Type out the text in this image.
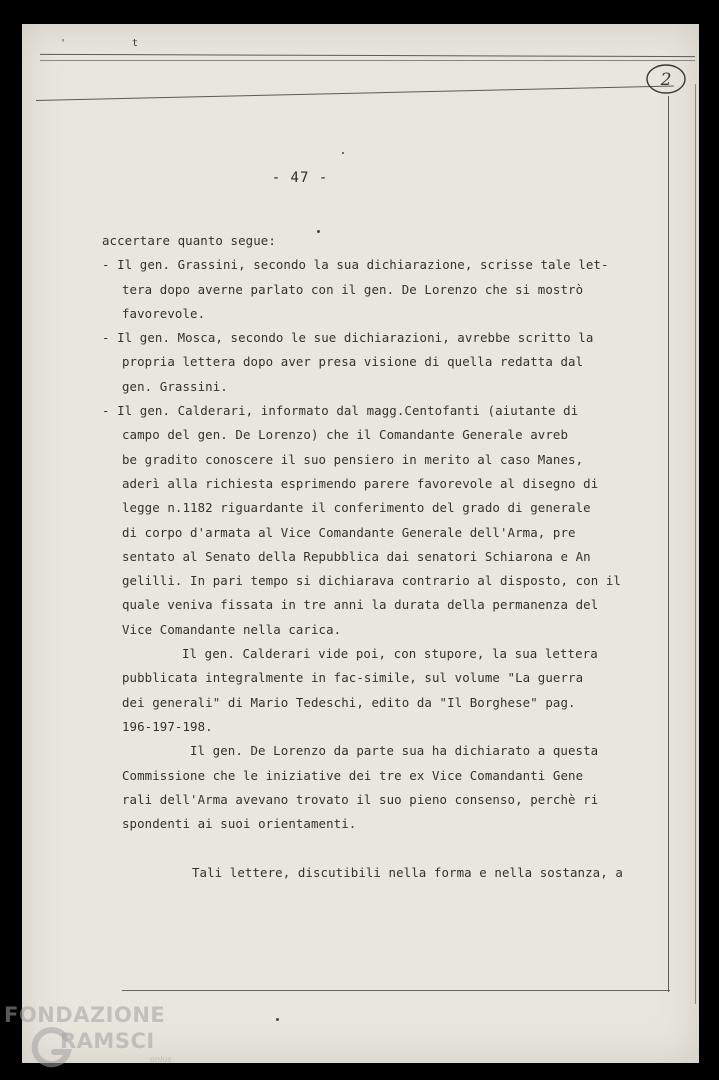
' t
2
- 47 -
accertare quanto segue:
- Il gen. Grassini, secondo la sua dichiarazione, scrisse tale let-
tera dopo averne parlato con il gen. De Lorenzo che si mostrò
favorevole.
- Il gen. Mosca, secondo le sue dichiarazioni, avrebbe scritto la
propria lettera dopo aver presa visione di quella redatta dal
gen. Grassini.
- Il gen. Calderari, informato dal magg.Centofanti (aiutante di
campo del gen. De Lorenzo) che il Comandante Generale avreb
be gradito conoscere il suo pensiero in merito al caso Manes,
aderì alla richiesta esprimendo parere favorevole al disegno di
legge n.1182 riguardante il conferimento del grado di generale
di corpo d'armata al Vice Comandante Generale dell'Arma, pre
sentato al Senato della Repubblica dai senatori Schiarona e An
gelilli. In pari tempo si dichiarava contrario al disposto, con il
quale veniva fissata in tre anni la durata della permanenza del
Vice Comandante nella carica.
Il gen. Calderari vide poi, con stupore, la sua lettera
pubblicata integralmente in fac-simile, sul volume "La guerra
dei generali" di Mario Tedeschi, edito da "Il Borghese" pag.
196-197-198.
Il gen. De Lorenzo da parte sua ha dichiarato a questa
Commissione che le iniziative dei tre ex Vice Comandanti Gene
rali dell'Arma avevano trovato il suo pieno consenso, perchè ri
spondenti ai suoi orientamenti.
Tali lettere, discutibili nella forma e nella sostanza, a
FONDAZIONE
RAMSCI
onlus
